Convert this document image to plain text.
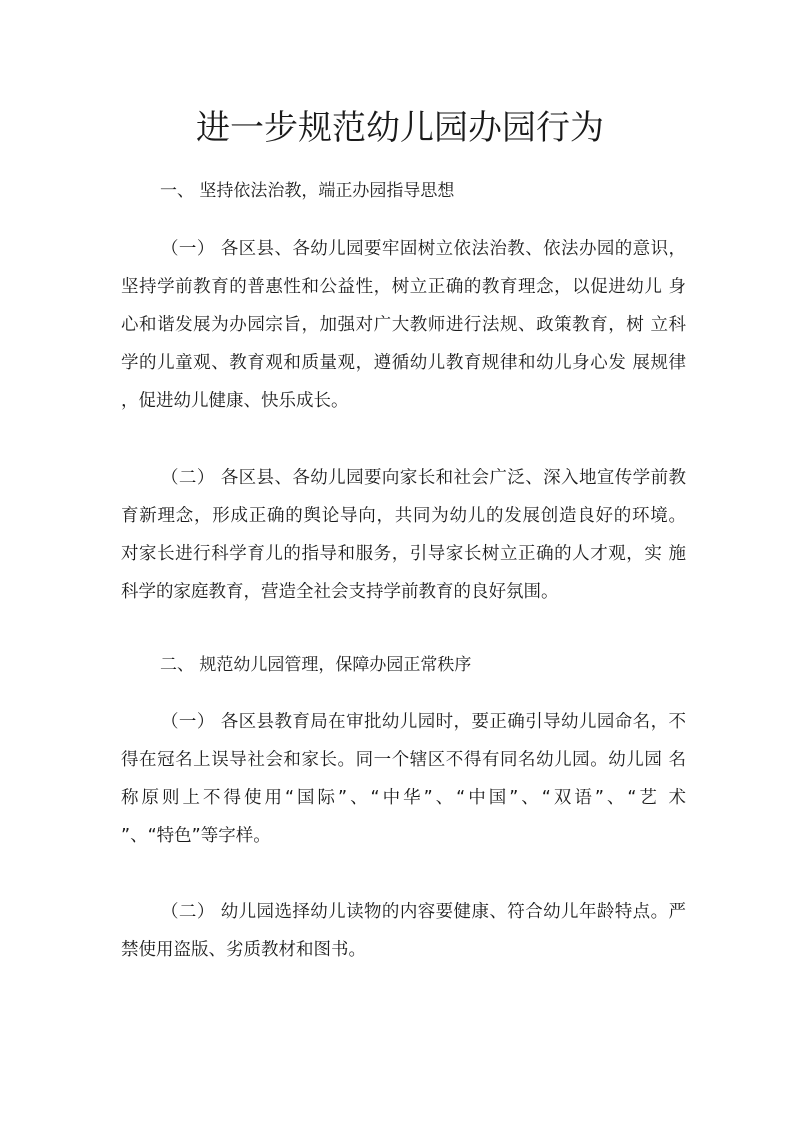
进一步规范幼儿园办园行为

一、 坚持依法治教，端正办园指导思想

（一） 各区县、各幼儿园要牢固树立依法治教、依法办园的意识，
坚持学前教育的普惠性和公益性，树立正确的教育理念，以促进幼儿 身
心和谐发展为办园宗旨，加强对广大教师进行法规、政策教育，树 立科
学的儿童观、教育观和质量观，遵循幼儿教育规律和幼儿身心发 展规律
，促进幼儿健康、快乐成长。
（二） 各区县、各幼儿园要向家长和社会广泛、深入地宣传学前教
育新理念，形成正确的舆论导向，共同为幼儿的发展创造良好的环境。
对家长进行科学育儿的指导和服务，引导家长树立正确的人才观，实 施
科学的家庭教育，营造全社会支持学前教育的良好氛围。

二、 规范幼儿园管理，保障办园正常秩序

（一） 各区县教育局在审批幼儿园时，要正确引导幼儿园命名，不
得在冠名上误导社会和家长。同一个辖区不得有同名幼儿园。幼儿园 名
称原则上不得使用“国际”、“中华”、“中国”、“双语”、“艺 术
”、“特色”等字样。
（二） 幼儿园选择幼儿读物的内容要健康、符合幼儿年龄特点。严
禁使用盗版、劣质教材和图书。
